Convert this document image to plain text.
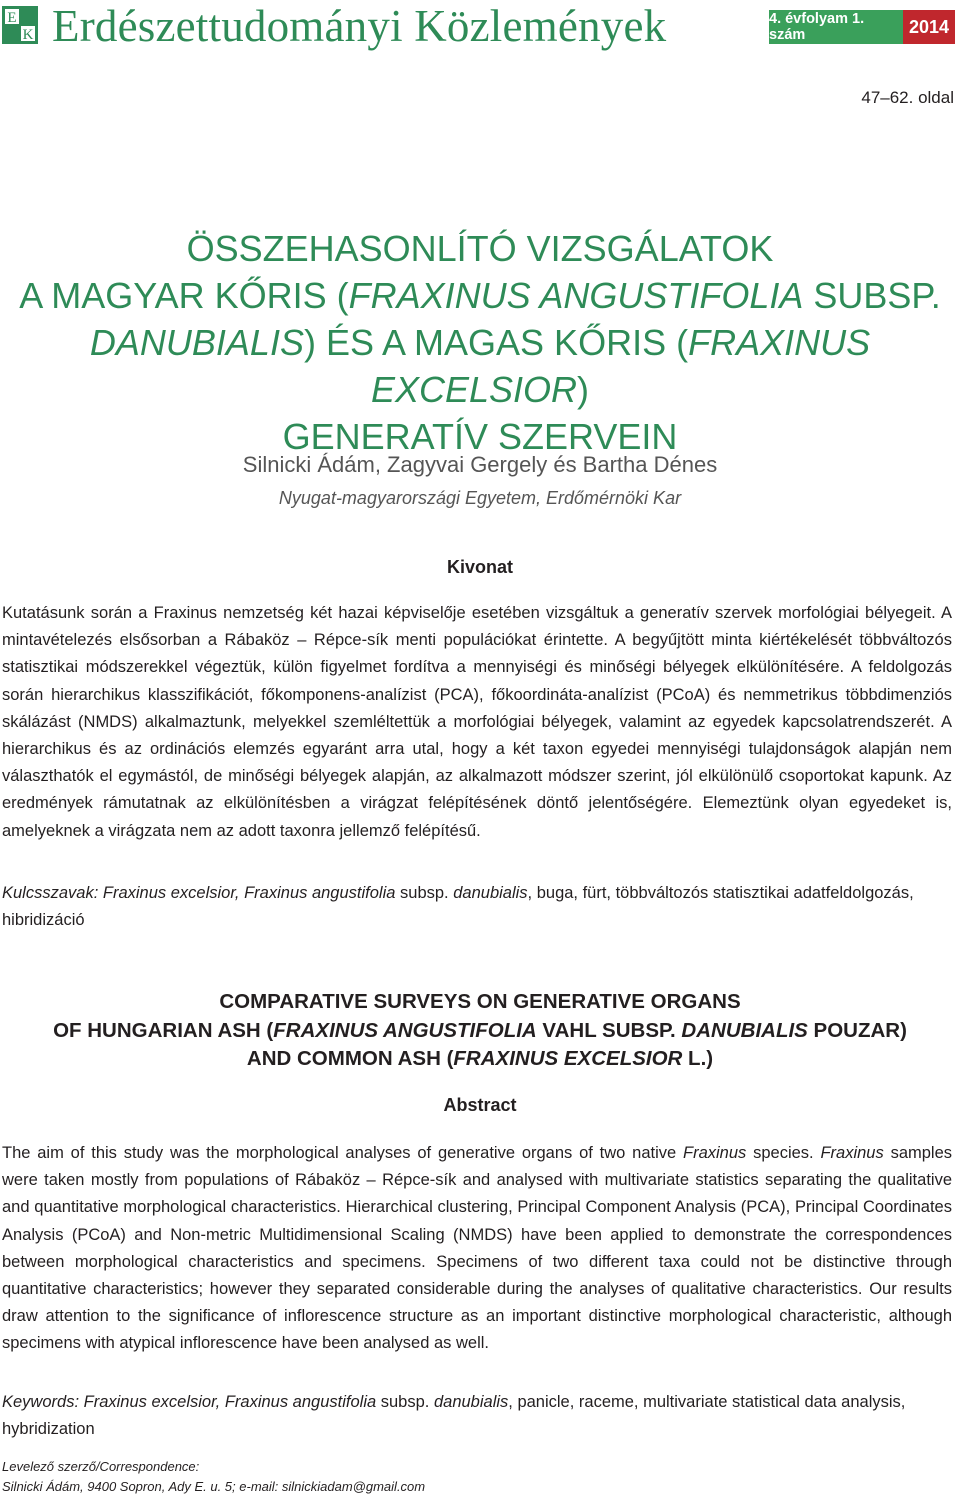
E
K Erdészettudományi Közlemények	4. évfolyam 1. szám	2014
47–62. oldal
ÖSSZEHASONLÍTÓ VIZSGÁLATOK
A MAGYAR KŐRIS (FRAXINUS ANGUSTIFOLIA SUBSP.
DANUBIALIS) ÉS A MAGAS KŐRIS (FRAXINUS EXCELSIOR)
GENERATÍV SZERVEIN
Silnicki Ádám, Zagyvai Gergely és Bartha Dénes
Nyugat-magyarországi Egyetem, Erdőmérnöki Kar
Kivonat
Kutatásunk során a Fraxinus nemzetség két hazai képviselője esetében vizsgáltuk a generatív szervek morfológiai bélyegeit. A mintavételezés elsősorban a Rábaköz – Répce-sík menti populációkat érintette. A begyűjtött minta kiértékelését többváltozós statisztikai módszerekkel végeztük, külön figyelmet fordítva a mennyiségi és minőségi bélyegek elkülönítésére. A feldolgozás során hierarchikus klasszifikációt, főkomponens-analízist (PCA), főkoordináta-analízist (PCoA) és nemmetrikus többdimenziós skálázást (NMDS) alkalmaztunk, melyekkel szemléltettük a morfológiai bélyegek, valamint az egyedek kapcsolatrendszerét. A hierarchikus és az ordinációs elemzés egyaránt arra utal, hogy a két taxon egyedei mennyiségi tulajdonságok alapján nem választhatók el egymástól, de minőségi bélyegek alapján, az alkalmazott módszer szerint, jól elkülönülő csoportokat kapunk. Az eredmények rámutatnak az elkülönítésben a virágzat felépítésének döntő jelentőségére. Elemeztünk olyan egyedeket is, amelyeknek a virágzata nem az adott taxonra jellemző felépítésű.
Kulcsszavak: Fraxinus excelsior, Fraxinus angustifolia subsp. danubialis, buga, fürt, többváltozós statisztikai adatfeldolgozás, hibridizáció
COMPARATIVE SURVEYS ON GENERATIVE ORGANS
OF HUNGARIAN ASH (FRAXINUS ANGUSTIFOLIA VAHL SUBSP. DANUBIALIS POUZAR)
AND COMMON ASH (FRAXINUS EXCELSIOR L.)
Abstract
The aim of this study was the morphological analyses of generative organs of two native Fraxinus species. Fraxinus samples were taken mostly from populations of Rábaköz – Répce-sík and analysed with multivariate statistics separating the qualitative and quantitative morphological characteristics. Hierarchical clustering, Principal Component Analysis (PCA), Principal Coordinates Analysis (PCoA) and Non-metric Multidimensional Scaling (NMDS) have been applied to demonstrate the correspondences between morphological characteristics and specimens. Specimens of two different taxa could not be distinctive through quantitative characteristics; however they separated considerable during the analyses of qualitative characteristics. Our results draw attention to the significance of inflorescence structure as an important distinctive morphological characteristic, although specimens with atypical inflorescence have been analysed as well.
Keywords: Fraxinus excelsior, Fraxinus angustifolia subsp. danubialis, panicle, raceme, multivariate statistical data analysis, hybridization
Levelező szerző/Correspondence:
Silnicki Ádám, 9400 Sopron, Ady E. u. 5; e-mail: silnickiadam@gmail.com
